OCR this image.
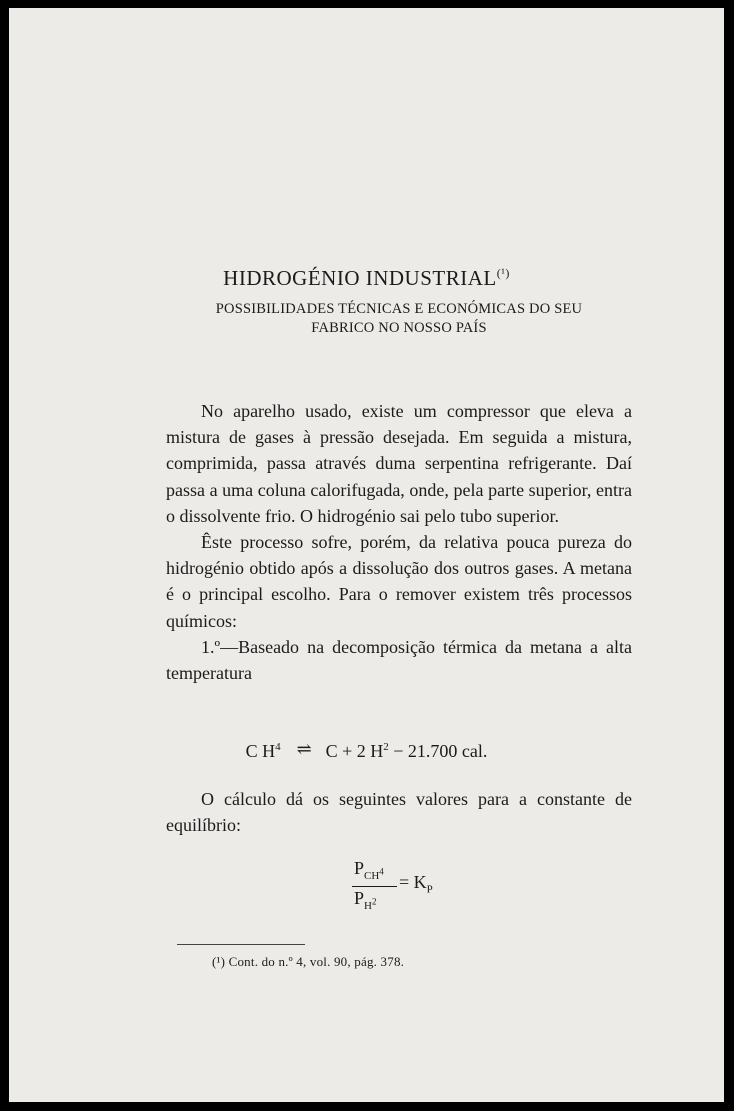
HIDROGÉNIO $INDUSTRIAL^{(^1)}$
POSSIBILIDADES TÉCNICAS E ECONÓMICAS DO SEU
FABRICO NO NOSSO PAÍS

No aparelho usado, existe um compressor que eleva a mistura de gases à pressão desejada. Em seguida a mistura, comprimida, passa através duma serpentina refrigerante. Daí passa a uma coluna calorifugada, onde, pela parte superior, entra o dissolvente frio. O hidrogénio sai pelo tubo superior.

Êste processo sofre, porém, da relativa pouca pureza do hidrogénio obtido após a dissolução dos outros gases. A metana é o principal escolho. Para o remover existem três processos químicos:

1.º—Baseado na decomposição térmica da metana a alta temperatura

C $H^4$ ⇌ C + 2 $H^2 - 21.700$ cal.

O cálculo dá os seguintes valores para a constante de equilíbrio:

$P_{CH^4}$
$P_{H^2}$
= $K_P$
(¹) Cont. do n.º 4, vol. 90, pág. 378.
